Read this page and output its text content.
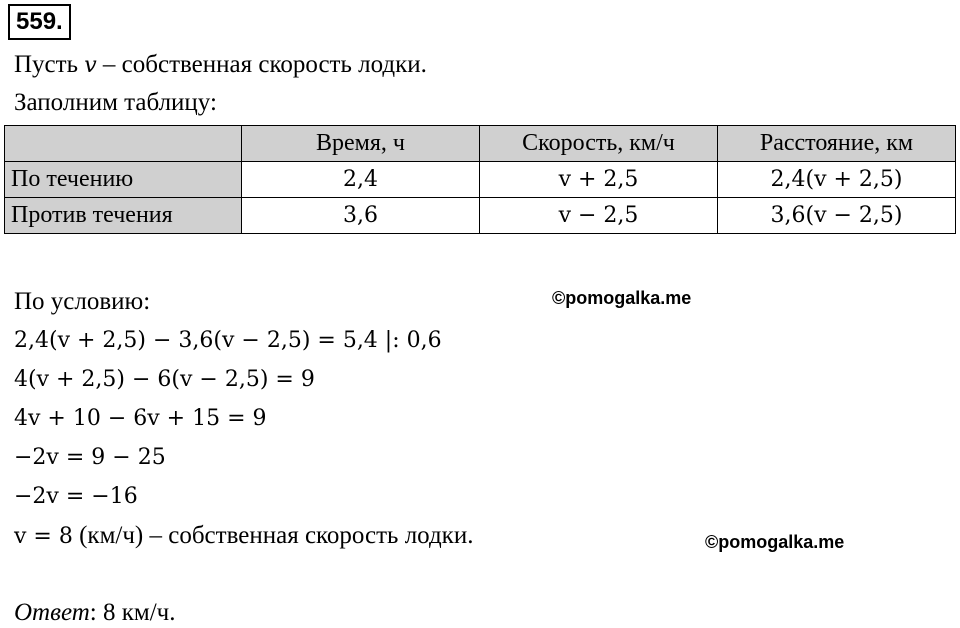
559.
Пусть v – собственная скорость лодки.
Заполним таблицу:
	Время, ч	Скорость, км/ч	Расстояние, км
По течению	2,4	v + 2,5	2,4(v + 2,5)
Против течения	3,6	v − 2,5	3,6(v − 2,5)
По условию:
2,4(v + 2,5) − 3,6(v − 2,5) = 5,4 |: 0,6
4(v + 2,5) − 6(v − 2,5) = 9
4v + 10 − 6v + 15 = 9
−2v = 9 − 25
−2v = −16
v = 8 (км/ч) – собственная скорость лодки.
Ответ: 8 км/ч.
©pomogalka.me
©pomogalka.me
